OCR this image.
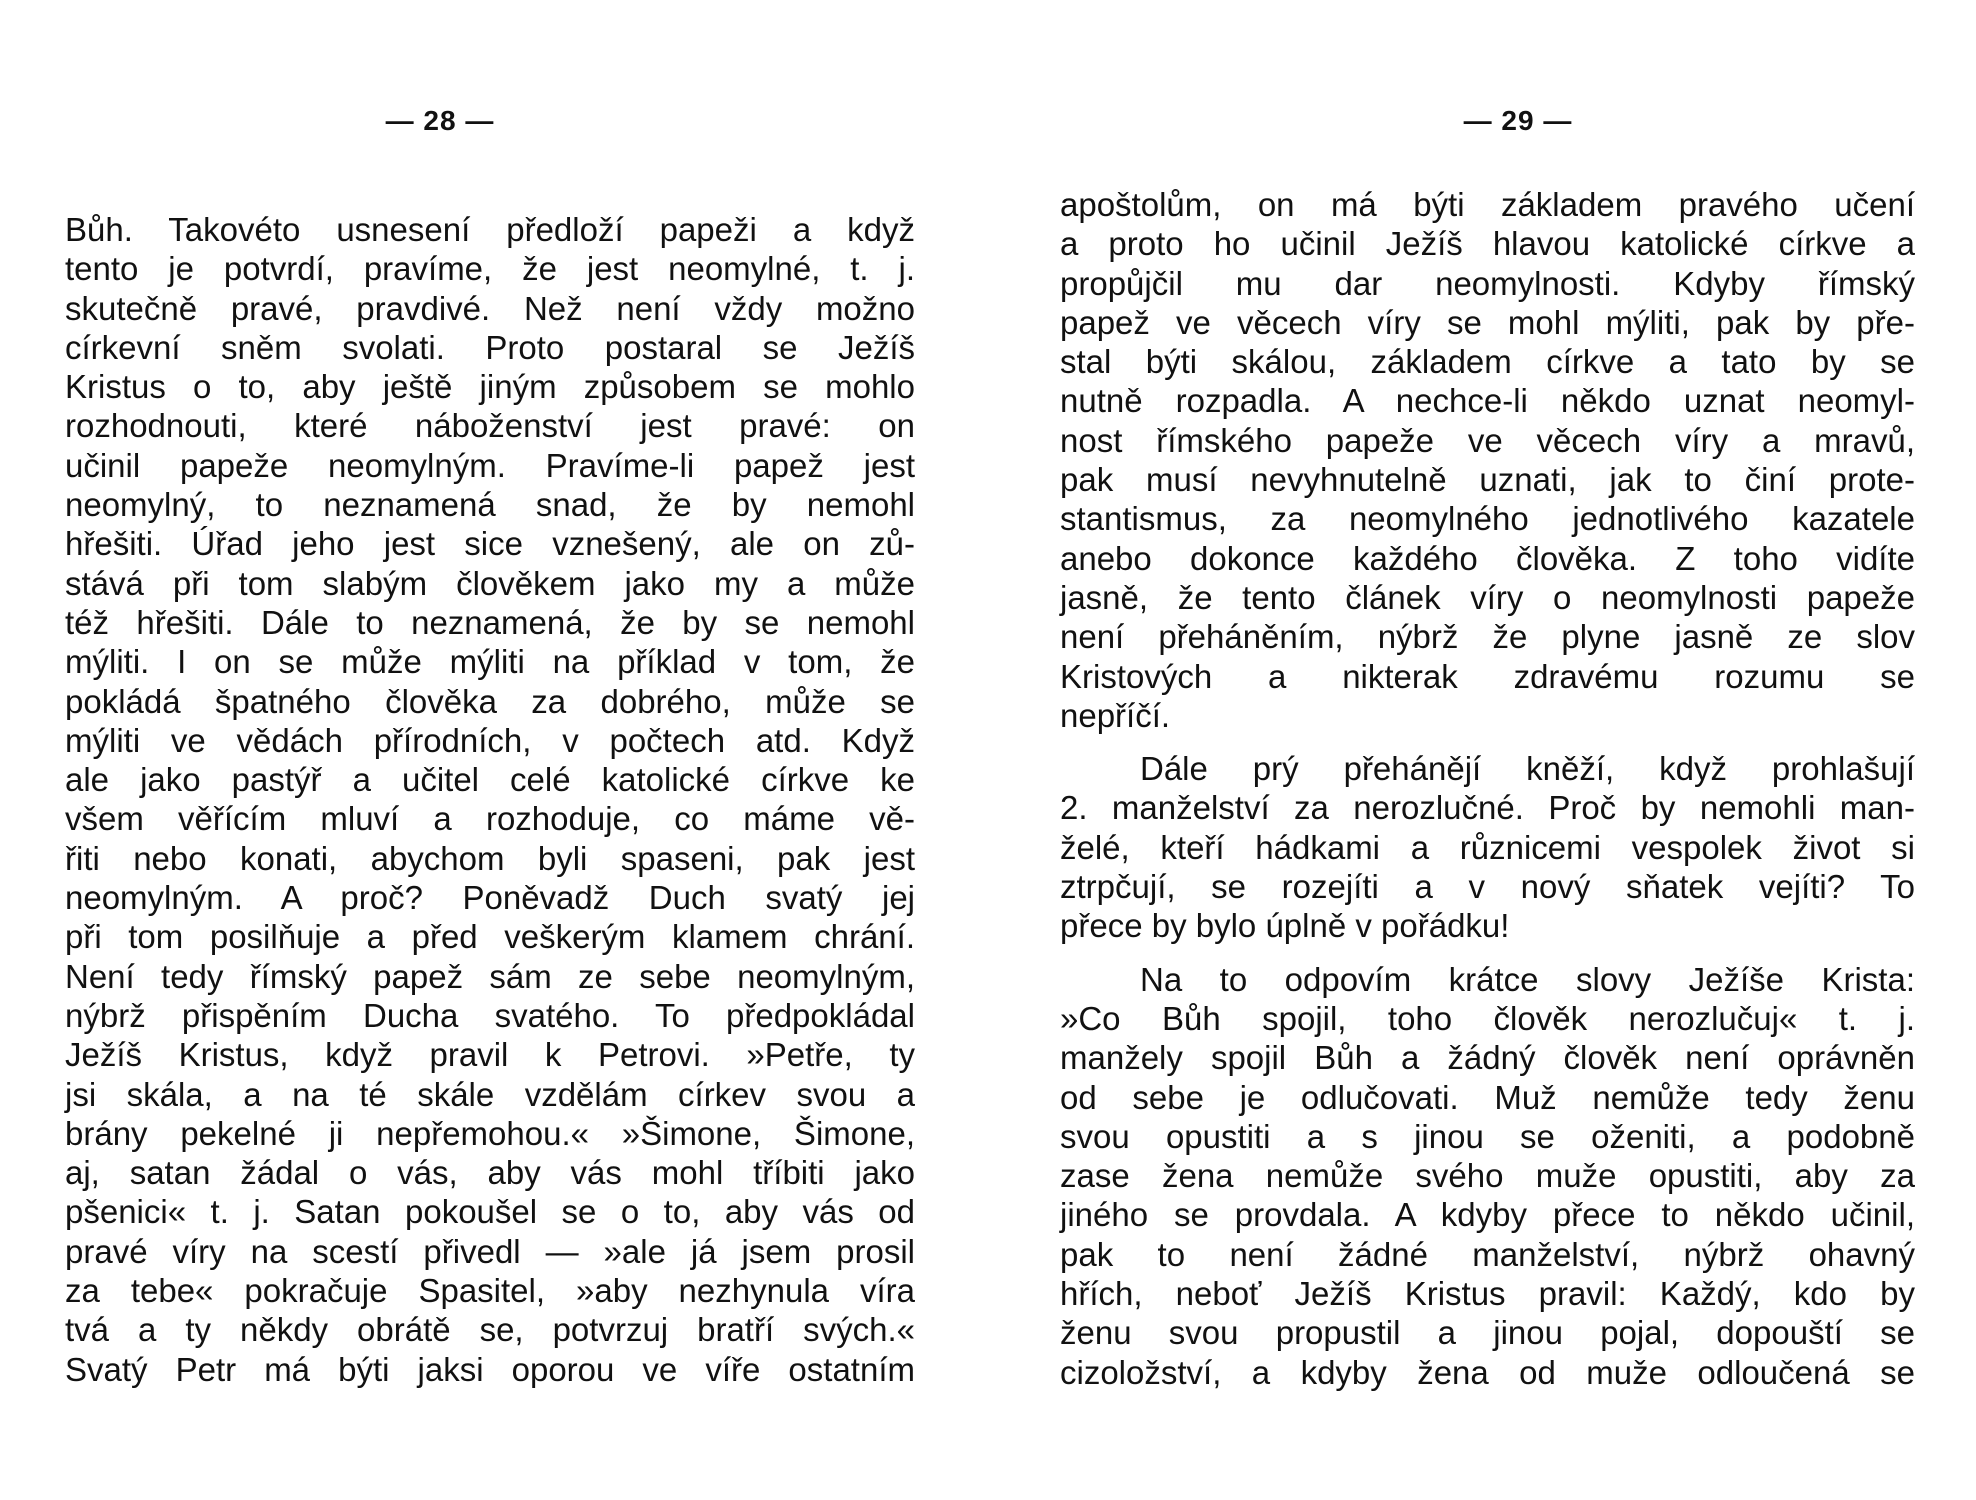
— 28 —
Bůh. Takovéto usnesení předloží papeži a když
tento je potvrdí, pravíme, že jest neomylné, t. j.
skutečně pravé, pravdivé. Než není vždy možno
církevní sněm svolati. Proto postaral se Ježíš
Kristus o to, aby ještě jiným způsobem se mohlo
rozhodnouti, které náboženství jest pravé: on
učinil papeže neomylným. Pravíme-li papež jest
neomylný, to neznamená snad, že by nemohl
hřešiti. Úřad jeho jest sice vznešený, ale on zů-
stává při tom slabým člověkem jako my a může
též hřešiti. Dále to neznamená, že by se nemohl
mýliti. I on se může mýliti na příklad v tom, že
pokládá špatného člověka za dobrého, může se
mýliti ve vědách přírodních, v počtech atd. Když
ale jako pastýř a učitel celé katolické církve ke
všem věřícím mluví a rozhoduje, co máme vě-
řiti nebo konati, abychom byli spaseni, pak jest
neomylným. A proč? Poněvadž Duch svatý jej
při tom posilňuje a před veškerým klamem chrání.
Není tedy římský papež sám ze sebe neomylným,
nýbrž přispěním Ducha svatého. To předpokládal
Ježíš Kristus, když pravil k Petrovi. »Petře, ty
jsi skála, a na té skále vzdělám církev svou a
brány pekelné ji nepřemohou.« »Šimone, Šimone,
aj, satan žádal o vás, aby vás mohl tříbiti jako
pšenici« t. j. Satan pokoušel se o to, aby vás od
pravé víry na scestí přivedl — »ale já jsem prosil
za tebe« pokračuje Spasitel, »aby nezhynula víra
tvá a ty někdy obrátě se, potvrzuj bratří svých.«
Svatý Petr má býti jaksi oporou ve víře ostatním
— 29 —
apoštolům, on má býti základem pravého učení
a proto ho učinil Ježíš hlavou katolické církve a
propůjčil mu dar neomylnosti. Kdyby římský
papež ve věcech víry se mohl mýliti, pak by pře-
stal býti skálou, základem církve a tato by se
nutně rozpadla. A nechce-li někdo uznat neomyl-
nost římského papeže ve věcech víry a mravů,
pak musí nevyhnutelně uznati, jak to činí prote-
stantismus, za neomylného jednotlivého kazatele
anebo dokonce každého člověka. Z toho vidíte
jasně, že tento článek víry o neomylnosti papeže
není přeháněním, nýbrž že plyne jasně ze slov
Kristových a nikterak zdravému rozumu se
nepříčí.
Dále prý přehánějí kněží, když prohlašují
2. manželství za nerozlučné. Proč by nemohli man-
želé, kteří hádkami a různicemi vespolek život si
ztrpčují, se rozejíti a v nový sňatek vejíti? To
přece by bylo úplně v pořádku!
Na to odpovím krátce slovy Ježíše Krista:
»Co Bůh spojil, toho člověk nerozlučuj« t. j.
manžely spojil Bůh a žádný člověk není oprávněn
od sebe je odlučovati. Muž nemůže tedy ženu
svou opustiti a s jinou se oženiti, a podobně
zase žena nemůže svého muže opustiti, aby za
jiného se provdala. A kdyby přece to někdo učinil,
pak to není žádné manželství, nýbrž ohavný
hřích, neboť Ježíš Kristus pravil: Každý, kdo by
ženu svou propustil a jinou pojal, dopouští se
cizoložství, a kdyby žena od muže odloučená se
